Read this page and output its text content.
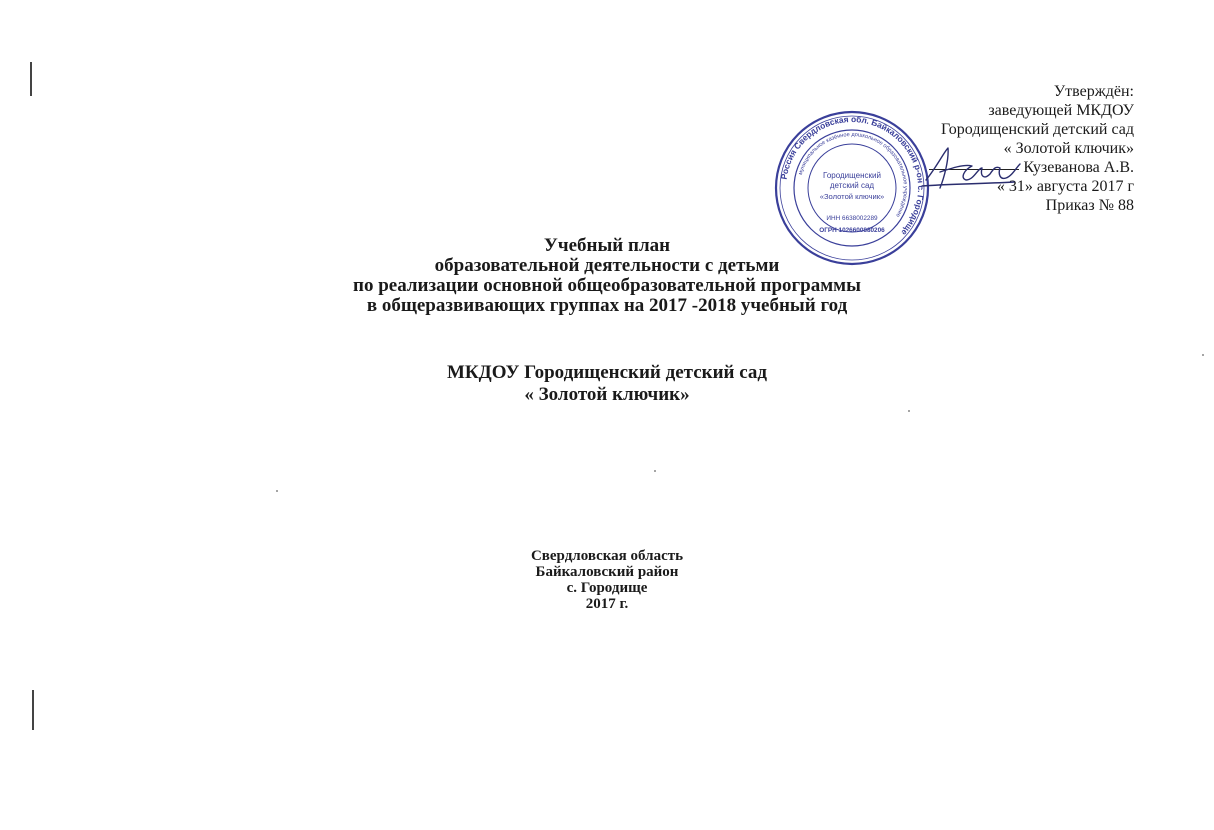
Утверждён:
заведующей МКДОУ
Городищенский детский сад
« Золотой ключик»
Кузеванова А.В.
« 31» августа 2017 г
Приказ № 88
Россия Свердловская обл. Байкаловский р-он с. Городище
муниципальное казённое дошкольное образовательное учреждение
Городищенский
детский сад
«Золотой ключик»
ИНН 6638002289
ОГРН 1026600880206
Учебный план
образовательной деятельности с детьми
по реализации основной общеобразовательной программы
в общеразвивающих группах на 2017 -2018 учебный год
МКДОУ Городищенский детский сад
« Золотой ключик»
Свердловская область
Байкаловский район
с. Городище
2017 г.
